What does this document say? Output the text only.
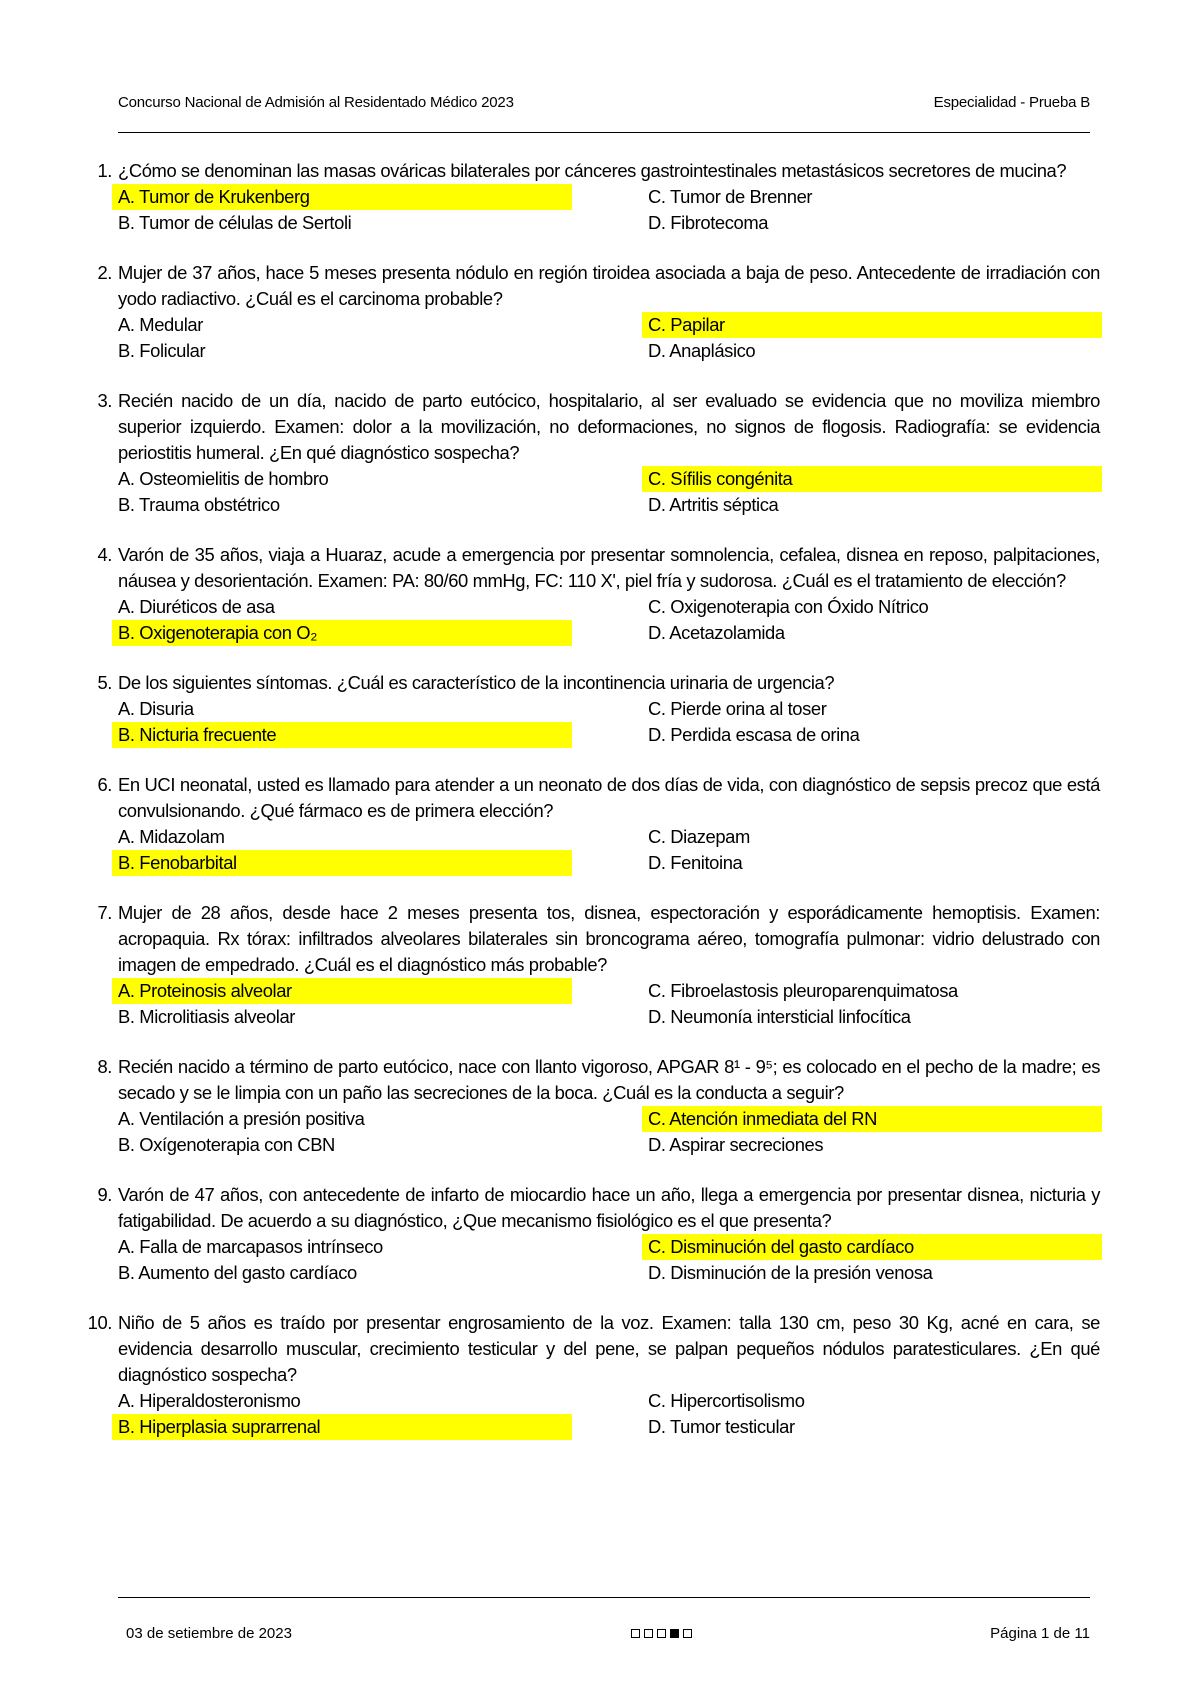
Concurso Nacional de Admisión al Residentado Médico 2023	Especialidad - Prueba B
1. ¿Cómo se denominan las masas ováricas bilaterales por cánceres gastrointestinales metastásicos secretores de mucina?
A. Tumor de Krukenberg	C. Tumor de Brenner
B. Tumor de células de Sertoli	D. Fibrotecoma
2. Mujer de 37 años, hace 5 meses presenta nódulo en región tiroidea asociada a baja de peso. Antecedente de irradiación con yodo radiactivo. ¿Cuál es el carcinoma probable?
A. Medular	C. Papilar
B. Folicular	D. Anaplásico
3. Recién nacido de un día, nacido de parto eutócico, hospitalario, al ser evaluado se evidencia que no moviliza miembro superior izquierdo. Examen: dolor a la movilización, no deformaciones, no signos de flogosis. Radiografía: se evidencia periostitis humeral. ¿En qué diagnóstico sospecha?
A. Osteomielitis de hombro	C. Sífilis congénita
B. Trauma obstétrico	D. Artritis séptica
4. Varón de 35 años, viaja a Huaraz, acude a emergencia por presentar somnolencia, cefalea, disnea en reposo, palpitaciones, náusea y desorientación. Examen: PA: 80/60 mmHg, FC: 110 X', piel fría y sudorosa. ¿Cuál es el tratamiento de elección?
A. Diuréticos de asa	C. Oxigenoterapia con Óxido Nítrico
B. Oxigenoterapia con O₂	D. Acetazolamida
5. De los siguientes síntomas. ¿Cuál es característico de la incontinencia urinaria de urgencia?
A. Disuria	C. Pierde orina al toser
B. Nicturia frecuente	D. Perdida escasa de orina
6. En UCI neonatal, usted es llamado para atender a un neonato de dos días de vida, con diagnóstico de sepsis precoz que está convulsionando. ¿Qué fármaco es de primera elección?
A. Midazolam	C. Diazepam
B. Fenobarbital	D. Fenitoina
7. Mujer de 28 años, desde hace 2 meses presenta tos, disnea, espectoración y esporádicamente hemoptisis. Examen: acropaquia. Rx tórax: infiltrados alveolares bilaterales sin broncograma aéreo, tomografía pulmonar: vidrio delustrado con imagen de empedrado. ¿Cuál es el diagnóstico más probable?
A. Proteinosis alveolar	C. Fibroelastosis pleuroparenquimatosa
B. Microlitiasis alveolar	D. Neumonía intersticial linfocítica
8. Recién nacido a término de parto eutócico, nace con llanto vigoroso, APGAR 8¹ - 9⁵; es colocado en el pecho de la madre; es secado y se le limpia con un paño las secreciones de la boca. ¿Cuál es la conducta a seguir?
A. Ventilación a presión positiva	C. Atención inmediata del RN
B. Oxígenoterapia con CBN	D. Aspirar secreciones
9. Varón de 47 años, con antecedente de infarto de miocardio hace un año, llega a emergencia por presentar disnea, nicturia y fatigabilidad. De acuerdo a su diagnóstico, ¿Que mecanismo fisiológico es el que presenta?
A. Falla de marcapasos intrínseco	C. Disminución del gasto cardíaco
B. Aumento del gasto cardíaco	D. Disminución de la presión venosa
10. Niño de 5 años es traído por presentar engrosamiento de la voz. Examen: talla 130 cm, peso 30 Kg, acné en cara, se evidencia desarrollo muscular, crecimiento testicular y del pene, se palpan pequeños nódulos paratesticulares. ¿En qué diagnóstico sospecha?
A. Hiperaldosteronismo	C. Hipercortisolismo
B. Hiperplasia suprarrenal	D. Tumor testicular
03 de setiembre de 2023	Página 1 de 11
